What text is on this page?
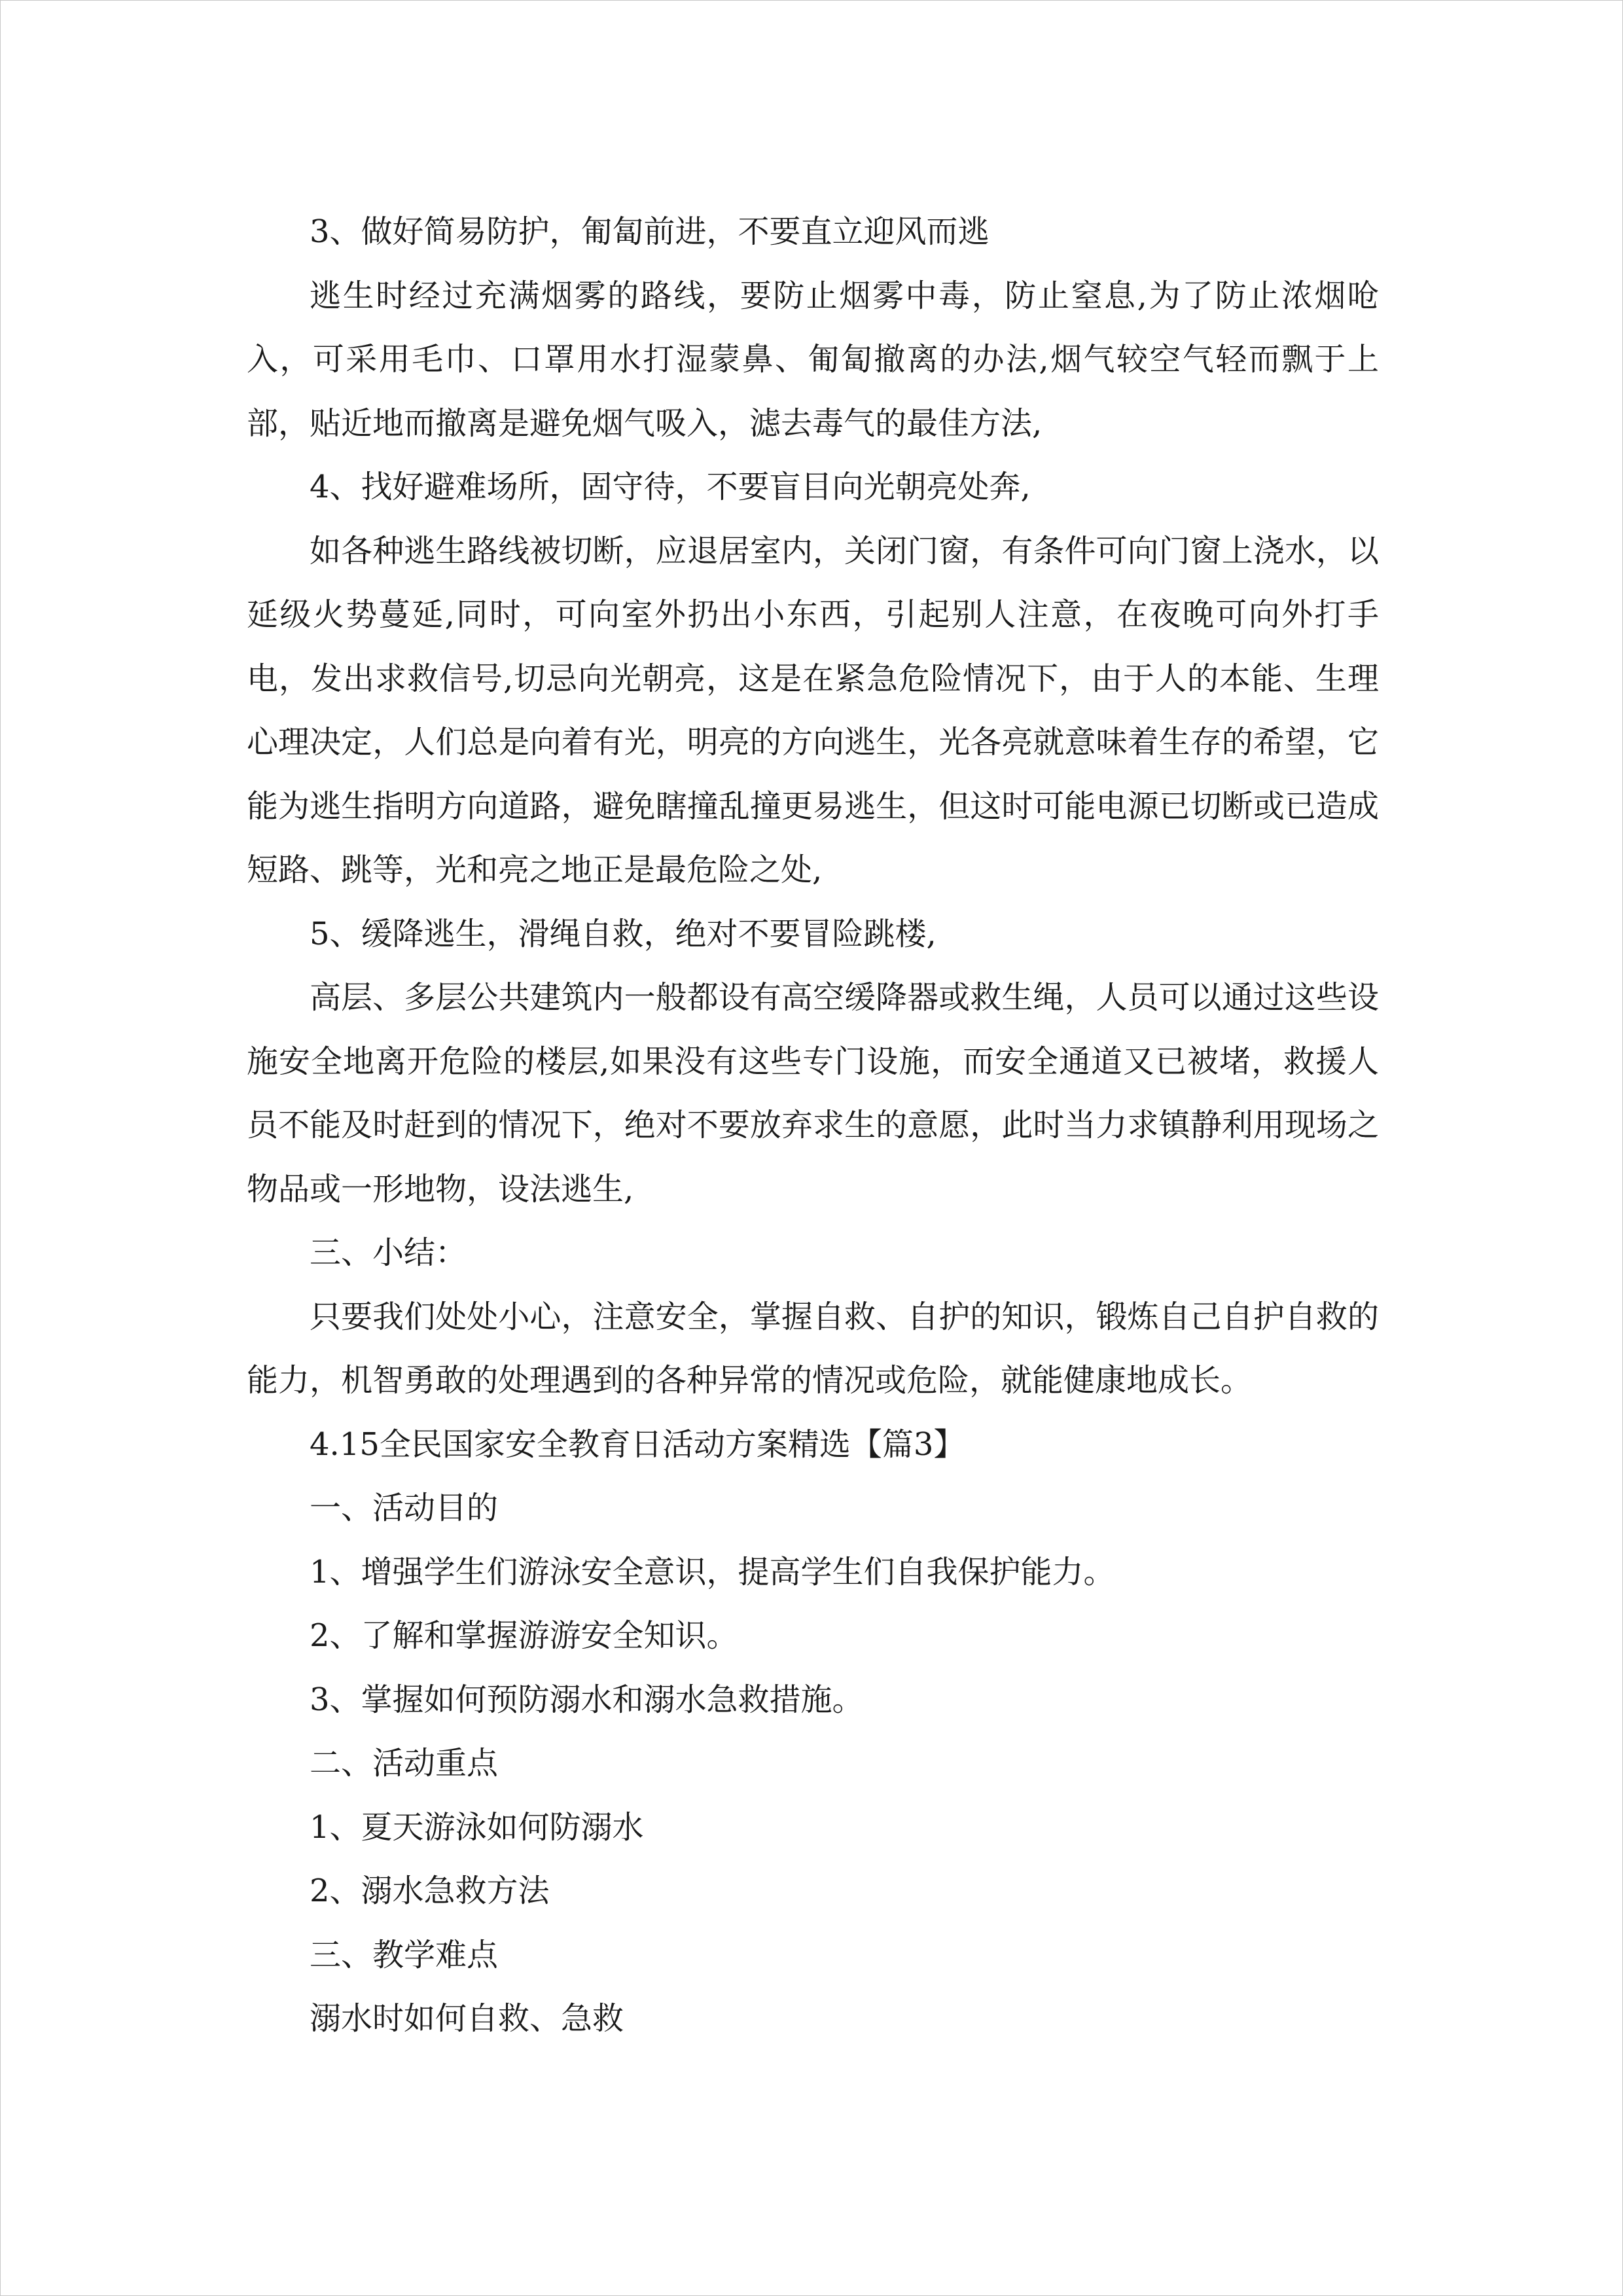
3、做好简易防护，匍匐前进，不要直立迎风而逃

逃生时经过充满烟雾的路线，要防止烟雾中毒，防止窒息,为了防止浓烟呛入，可采用毛巾、口罩用水打湿蒙鼻、匍匐撤离的办法,烟气较空气轻而飘于上部，贴近地而撤离是避免烟气吸入，滤去毒气的最佳方法,

4、找好避难场所，固守待，不要盲目向光朝亮处奔,

如各种逃生路线被切断，应退居室内，关闭门窗，有条件可向门窗上浇水，以延级火势蔓延,同时，可向室外扔出小东西，引起别人注意，在夜晚可向外打手电，发出求救信号,切忌向光朝亮，这是在紧急危险情况下，由于人的本能、生理心理决定，人们总是向着有光，明亮的方向逃生，光各亮就意味着生存的希望，它能为逃生指明方向道路，避免瞎撞乱撞更易逃生，但这时可能电源已切断或已造成短路、跳等，光和亮之地正是最危险之处,

5、缓降逃生，滑绳自救，绝对不要冒险跳楼,

高层、多层公共建筑内一般都设有高空缓降器或救生绳，人员可以通过这些设施安全地离开危险的楼层,如果没有这些专门设施，而安全通道又已被堵，救援人员不能及时赶到的情况下，绝对不要放弃求生的意愿，此时当力求镇静利用现场之物品或一形地物，设法逃生,

三、小结：

只要我们处处小心，注意安全，掌握自救、自护的知识，锻炼自己自护自救的能力，机智勇敢的处理遇到的各种异常的情况或危险，就能健康地成长。

4.15全民国家安全教育日活动方案精选【篇3】

一、活动目的

1、增强学生们游泳安全意识，提高学生们自我保护能力。

2、了解和掌握游游安全知识。

3、掌握如何预防溺水和溺水急救措施。

二、活动重点

1、夏天游泳如何防溺水

2、溺水急救方法

三、教学难点

溺水时如何自救、急救
